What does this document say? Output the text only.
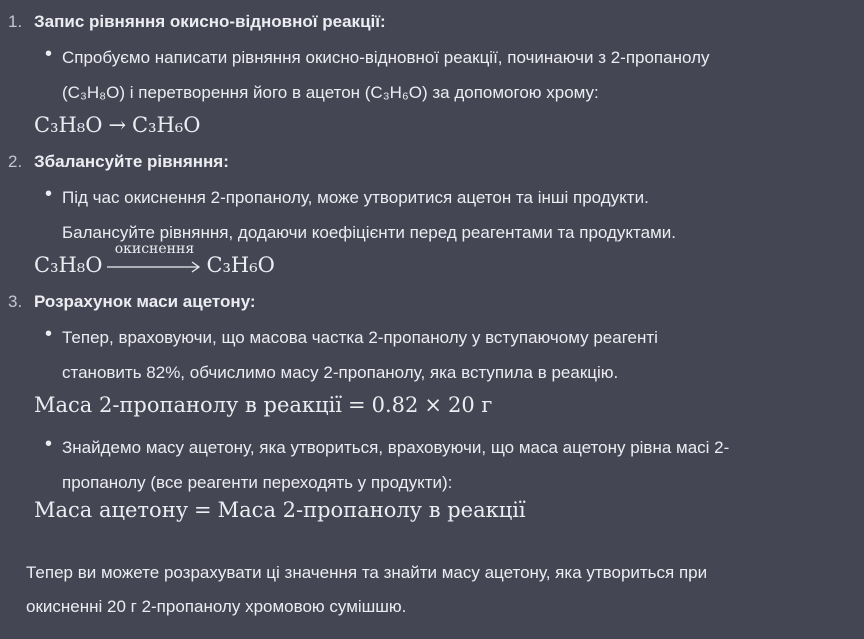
1. Запис рівняння окисно-відновної реакції:
• Спробуємо написати рівняння окисно-відновної реакції, починаючи з 2-пропанолу
(C₃H₈O) і перетворення його в ацетон (C₃H₆O) за допомогою хрому:
C₃H₈O → C₃H₆O
2. Збалансуйте рівняння:
• Під час окиснення 2-пропанолу, може утворитися ацетон та інші продукти.
Балансуйте рівняння, додаючи коефіцієнти перед реагентами та продуктами.
C₃H₈O
окиснення
C₃H₆O
3. Розрахунок маси ацетону:
• Тепер, враховуючи, що масова частка 2-пропанолу у вступаючому реагенті
становить 82%, обчислимо масу 2-пропанолу, яка вступила в реакцію.
Маса 2-пропанолу в реакції = 0.82 × 20 г
• Знайдемо масу ацетону, яка утвориться, враховуючи, що маса ацетону рівна масі 2-
пропанолу (все реагенти переходять у продукти):
Маса ацетону = Маса 2-пропанолу в реакції
Тепер ви можете розрахувати ці значення та знайти масу ацетону, яка утвориться при
окисненні 20 г 2-пропанолу хромовою сумішшю.
